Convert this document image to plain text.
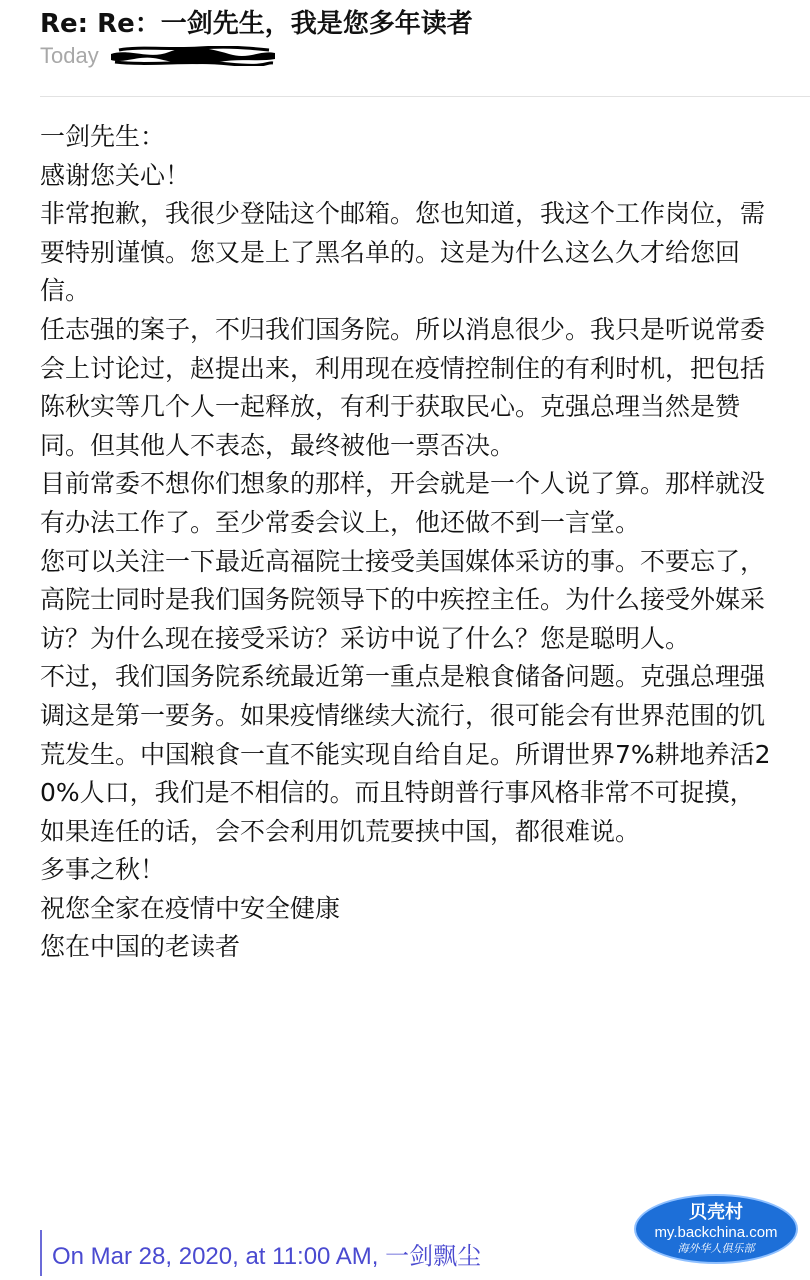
Re: Re：一剑先生，我是您多年读者
Today

一剑先生：

感谢您关心！

非常抱歉，我很少登陆这个邮箱。您也知道，我这个工作岗位，需要特别谨慎。您又是上了黑名单的。这是为什么这么久才给您回信。

任志强的案子，不归我们国务院。所以消息很少。我只是听说常委会上讨论过，赵提出来，利用现在疫情控制住的有利时机，把包括陈秋实等几个人一起释放，有利于获取民心。克强总理当然是赞同。但其他人不表态，最终被他一票否决。

目前常委不想你们想象的那样，开会就是一个人说了算。那样就没有办法工作了。至少常委会议上，他还做不到一言堂。

您可以关注一下最近高福院士接受美国媒体采访的事。不要忘了，高院士同时是我们国务院领导下的中疾控主任。为什么接受外媒采访？为什么现在接受采访？采访中说了什么？您是聪明人。

不过，我们国务院系统最近第一重点是粮食储备问题。克强总理强调这是第一要务。如果疫情继续大流行，很可能会有世界范围的饥荒发生。中国粮食一直不能实现自给自足。所谓世界7%耕地养活20%人口，我们是不相信的。而且特朗普行事风格非常不可捉摸，如果连任的话，会不会利用饥荒要挟中国，都很难说。

多事之秋！

祝您全家在疫情中安全健康

您在中国的老读者

On Mar 28, 2020, at 11:00 AM, 一剑飘尘
贝壳村
my.backchina.com
海外华人俱乐部
